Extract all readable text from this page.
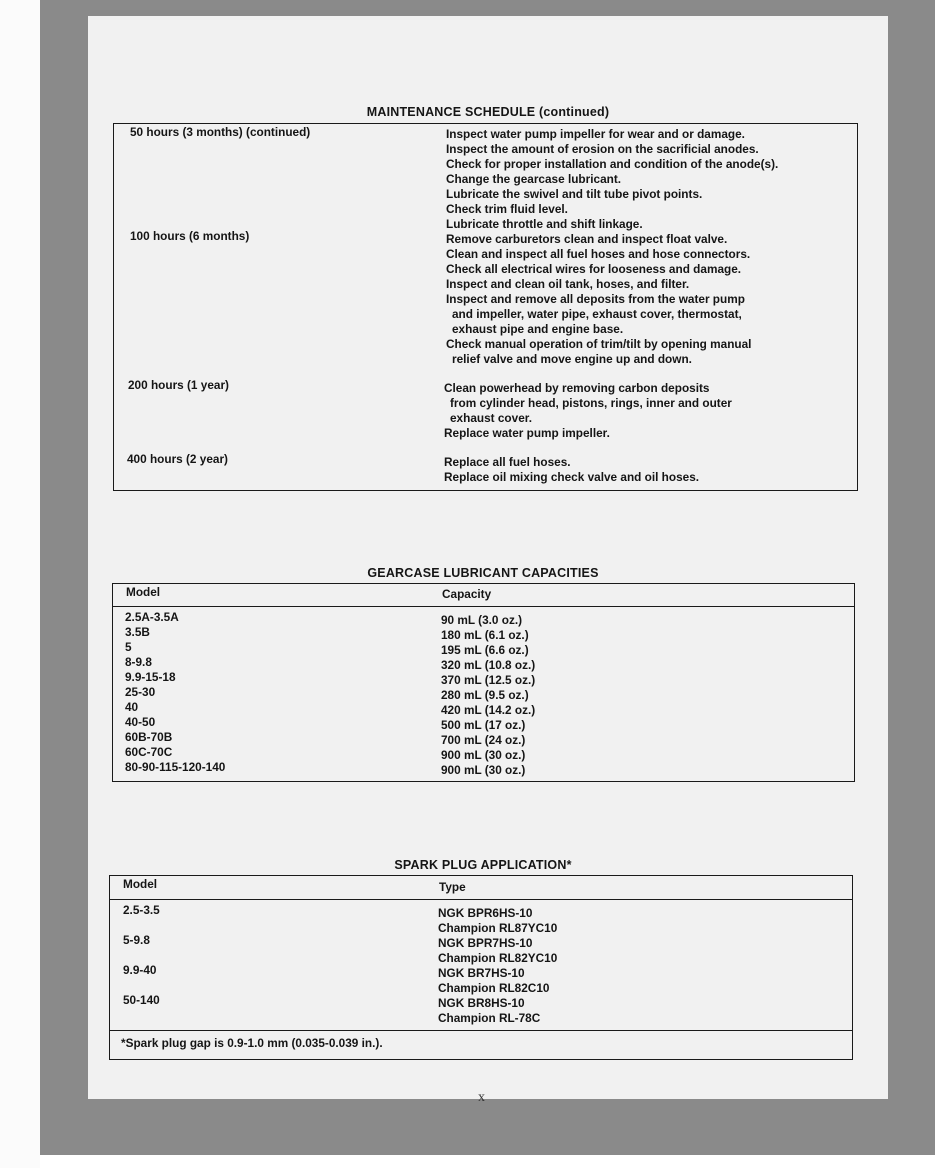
MAINTENANCE SCHEDULE (continued)
50 hours (3 months) (continued)	Inspect water pump impeller for wear and or damage.
Inspect the amount of erosion on the sacrificial anodes.
Check for proper installation and condition of the anode(s).
Change the gearcase lubricant.
Lubricate the swivel and tilt tube pivot points.
Check trim fluid level.
Lubricate throttle and shift linkage.
100 hours (6 months)	Remove carburetors clean and inspect float valve.
Clean and inspect all fuel hoses and hose connectors.
Check all electrical wires for looseness and damage.
Inspect and clean oil tank, hoses, and filter.
Inspect and remove all deposits from the water pump
and impeller, water pipe, exhaust cover, thermostat,
exhaust pipe and engine base.
Check manual operation of trim/tilt by opening manual
relief valve and move engine up and down.
200 hours (1 year)	Clean powerhead by removing carbon deposits
from cylinder head, pistons, rings, inner and outer
exhaust cover.
Replace water pump impeller.
400 hours (2 year)	Replace all fuel hoses.
Replace oil mixing check valve and oil hoses.
GEARCASE LUBRICANT CAPACITIES
Model	Capacity
2.5A-3.5A	90 mL (3.0 oz.)
3.5B	180 mL (6.1 oz.)
5	195 mL (6.6 oz.)
8-9.8	320 mL (10.8 oz.)
9.9-15-18	370 mL (12.5 oz.)
25-30	280 mL (9.5 oz.)
40	420 mL (14.2 oz.)
40-50	500 mL (17 oz.)
60B-70B	700 mL (24 oz.)
60C-70C	900 mL (30 oz.)
80-90-115-120-140	900 mL (30 oz.)
SPARK PLUG APPLICATION*
Model	Type
2.5-3.5	NGK BPR6HS-10
Champion RL87YC10
5-9.8	NGK BPR7HS-10
Champion RL82YC10
9.9-40	NGK BR7HS-10
Champion RL82C10
50-140	NGK BR8HS-10
Champion RL-78C
*Spark plug gap is 0.9-1.0 mm (0.035-0.039 in.).
x
